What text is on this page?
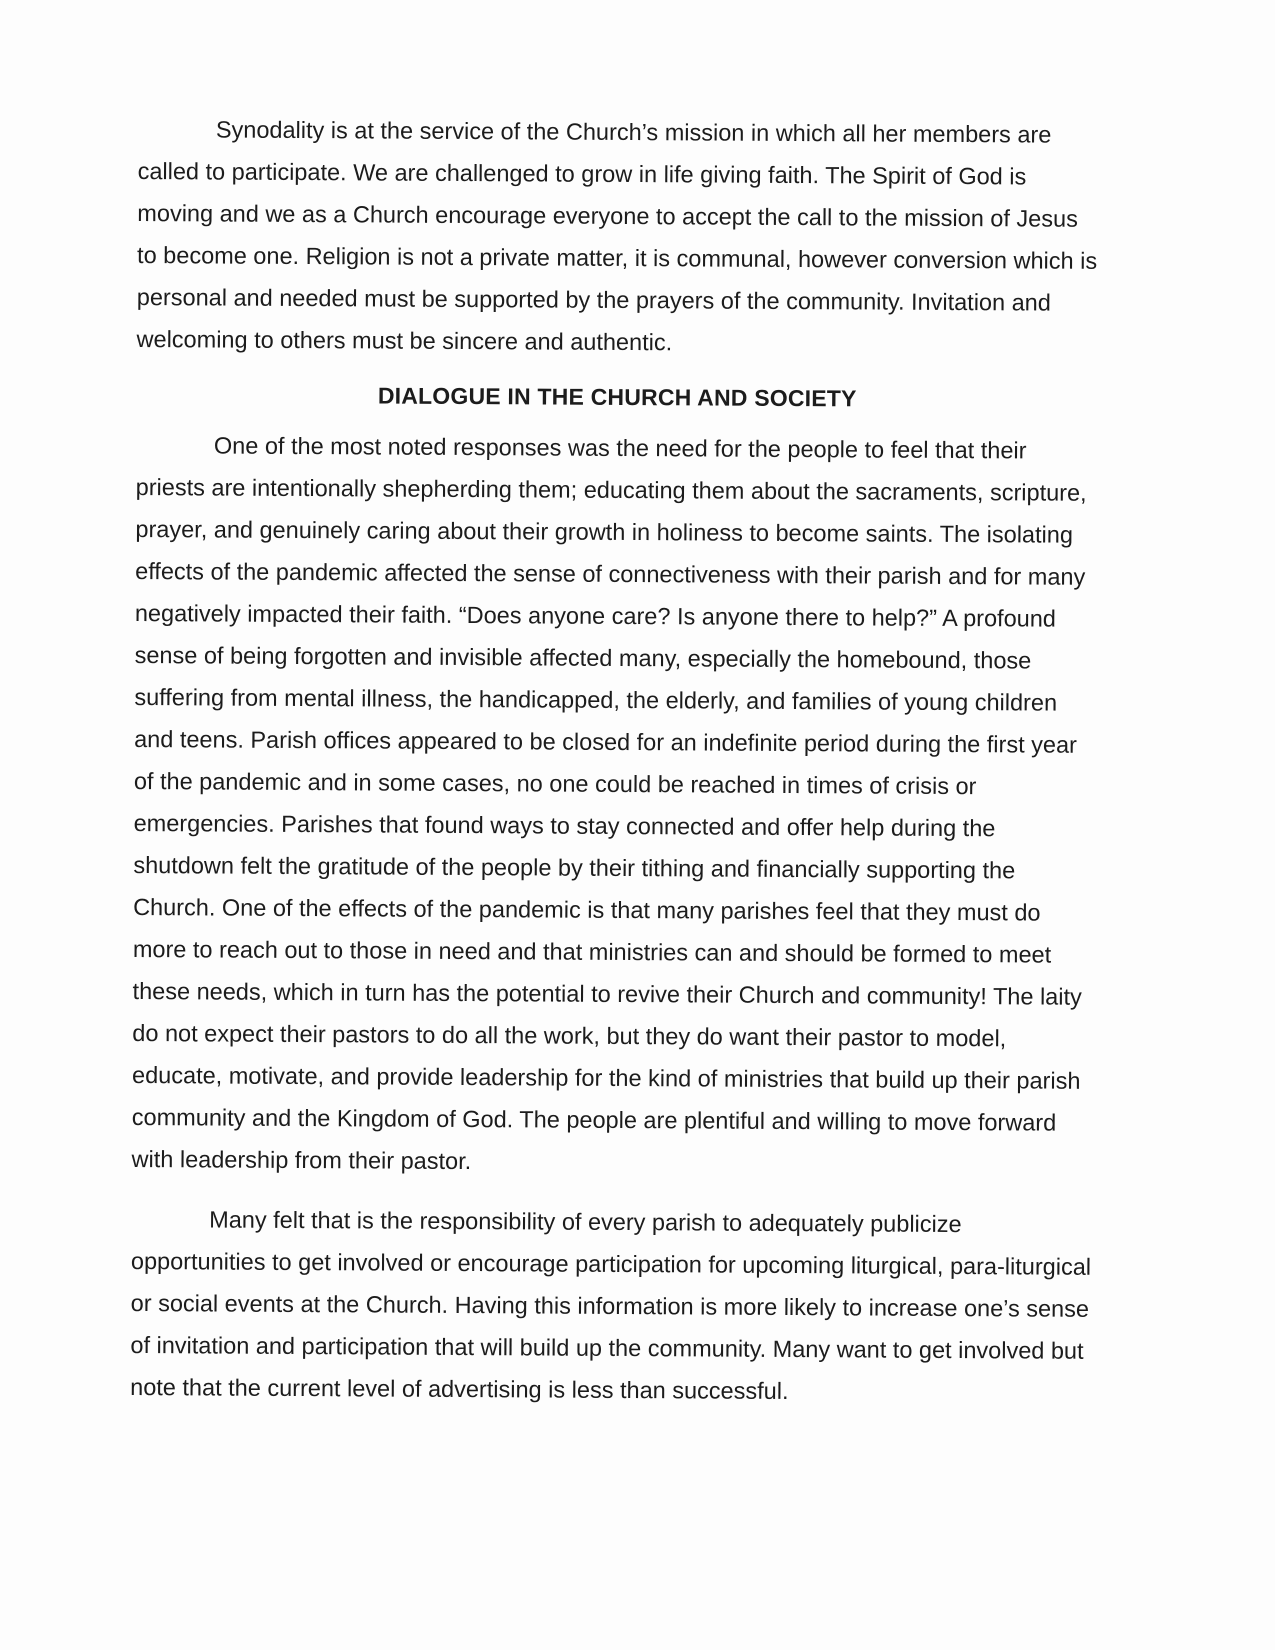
Synodality is at the service of the Church’s mission in which all her members are called to participate. We are challenged to grow in life giving faith. The Spirit of God is moving and we as a Church encourage everyone to accept the call to the mission of Jesus to become one. Religion is not a private matter, it is communal, however conversion which is personal and needed must be supported by the prayers of the community. Invitation and welcoming to others must be sincere and authentic.

DIALOGUE IN THE CHURCH AND SOCIETY

One of the most noted responses was the need for the people to feel that their priests are intentionally shepherding them; educating them about the sacraments, scripture, prayer, and genuinely caring about their growth in holiness to become saints. The isolating effects of the pandemic affected the sense of connectiveness with their parish and for many negatively impacted their faith. “Does anyone care? Is anyone there to help?” A profound sense of being forgotten and invisible affected many, especially the homebound, those suffering from mental illness, the handicapped, the elderly, and families of young children and teens. Parish offices appeared to be closed for an indefinite period during the first year of the pandemic and in some cases, no one could be reached in times of crisis or emergencies. Parishes that found ways to stay connected and offer help during the shutdown felt the gratitude of the people by their tithing and financially supporting the Church. One of the effects of the pandemic is that many parishes feel that they must do more to reach out to those in need and that ministries can and should be formed to meet these needs, which in turn has the potential to revive their Church and community! The laity do not expect their pastors to do all the work, but they do want their pastor to model, educate, motivate, and provide leadership for the kind of ministries that build up their parish community and the Kingdom of God. The people are plentiful and willing to move forward with leadership from their pastor.

Many felt that is the responsibility of every parish to adequately publicize opportunities to get involved or encourage participation for upcoming liturgical, para-liturgical or social events at the Church. Having this information is more likely to increase one’s sense of invitation and participation that will build up the community. Many want to get involved but note that the current level of advertising is less than successful.
